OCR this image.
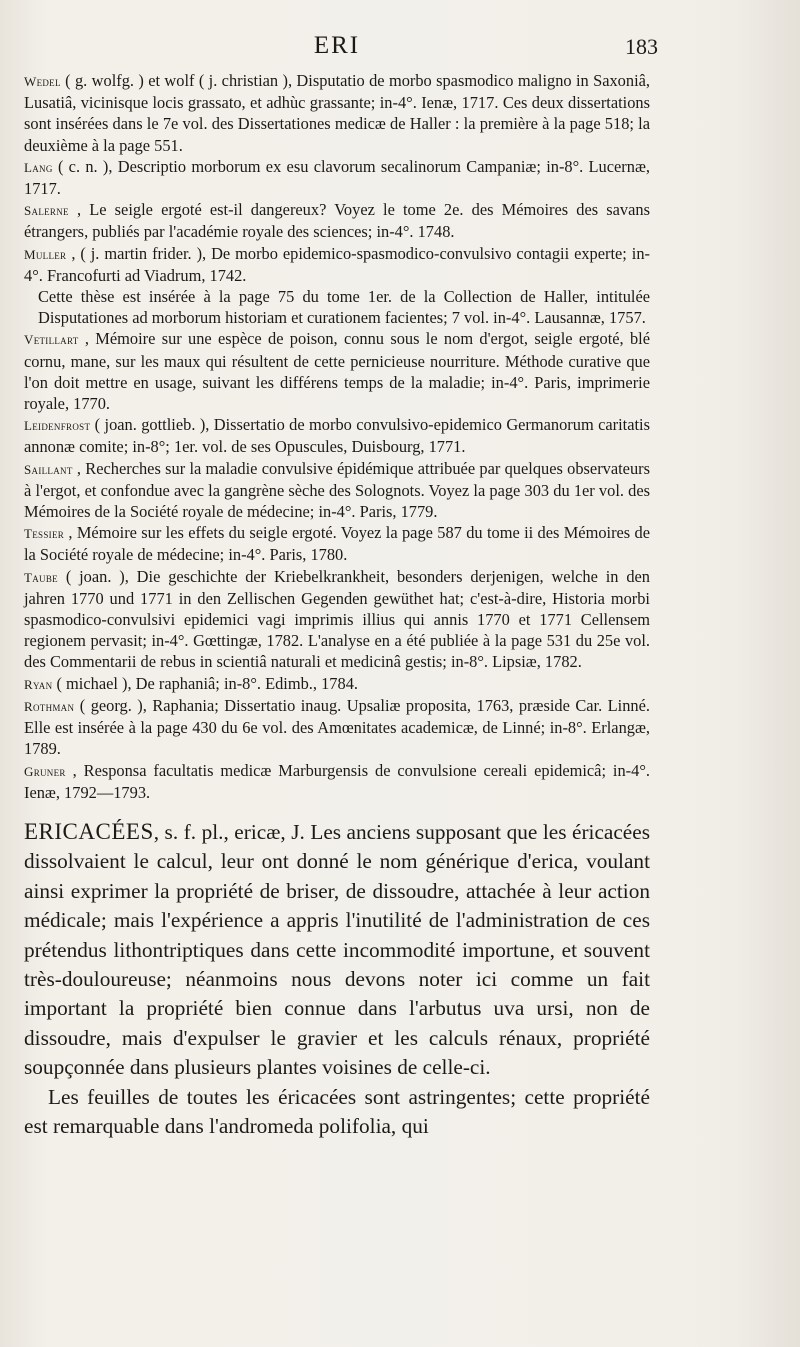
ERI	183
Wedel ( g. wolfg. ) et wolf ( j. christian ), Disputatio de morbo spasmodico maligno in Saxoniâ, Lusatiâ, vicinisque locis grassato, et adhùc grassante; in-4°. Ienæ, 1717. Ces deux dissertations sont insérées dans le 7e vol. des Dissertationes medicæ de Haller : la première à la page 518; la deuxième à la page 551.
Lang ( c. n. ), Descriptio morborum ex esu clavorum secalinorum Campaniæ; in-8°. Lucernæ, 1717.
Salerne , Le seigle ergoté est-il dangereux? Voyez le tome 2e. des Mémoires des savans étrangers, publiés par l'académie royale des sciences; in-4°. 1748.
Muller , ( j. martin frider. ), De morbo epidemico-spasmodico-convulsivo contagii experte; in-4°. Francofurti ad Viadrum, 1742.
Cette thèse est insérée à la page 75 du tome 1er. de la Collection de Haller, intitulée Disputationes ad morborum historiam et curationem facientes; 7 vol. in-4°. Lausannæ, 1757.
Vetillart , Mémoire sur une espèce de poison, connu sous le nom d'ergot, seigle ergoté, blé cornu, mane, sur les maux qui résultent de cette pernicieuse nourriture. Méthode curative que l'on doit mettre en usage, suivant les différens temps de la maladie; in-4°. Paris, imprimerie royale, 1770.
Leidenfrost ( joan. gottlieb. ), Dissertatio de morbo convulsivo-epidemico Germanorum caritatis annonæ comite; in-8°; 1er. vol. de ses Opuscules, Duisbourg, 1771.
Saillant , Recherches sur la maladie convulsive épidémique attribuée par quelques observateurs à l'ergot, et confondue avec la gangrène sèche des Solognots. Voyez la page 303 du 1er vol. des Mémoires de la Société royale de médecine; in-4°. Paris, 1779.
Tessier , Mémoire sur les effets du seigle ergoté. Voyez la page 587 du tome ii des Mémoires de la Société royale de médecine; in-4°. Paris, 1780.
Taube ( joan. ), Die geschichte der Kriebelkrankheit, besonders derjenigen, welche in den jahren 1770 und 1771 in den Zellischen Gegenden gewüthet hat; c'est-à-dire, Historia morbi spasmodico-convulsivi epidemici vagi imprimis illius qui annis 1770 et 1771 Cellensem regionem pervasit; in-4°. Gœttingæ, 1782. L'analyse en a été publiée à la page 531 du 25e vol. des Commentarii de rebus in scientiâ naturali et medicinâ gestis; in-8°. Lipsiæ, 1782.
Ryan ( michael ), De raphaniâ; in-8°. Edimb., 1784.
Rothman ( georg. ), Raphania; Dissertatio inaug. Upsaliæ proposita, 1763, præside Car. Linné. Elle est insérée à la page 430 du 6e vol. des Amœnitates academicæ, de Linné; in-8°. Erlangæ, 1789.
Gruner , Responsa facultatis medicæ Marburgensis de convulsione cereali epidemicâ; in-4°. Ienæ, 1792—1793.

ERICACÉES, s. f. pl., ericæ, J. Les anciens supposant que les éricacées dissolvaient le calcul, leur ont donné le nom générique d'erica, voulant ainsi exprimer la propriété de briser, de dissoudre, attachée à leur action médicale; mais l'expérience a appris l'inutilité de l'administration de ces prétendus lithontriptiques dans cette incommodité importune, et souvent très-douloureuse; néanmoins nous devons noter ici comme un fait important la propriété bien connue dans l'arbutus uva ursi, non de dissoudre, mais d'expulser le gravier et les calculs rénaux, propriété soupçonnée dans plusieurs plantes voisines de celle-ci.

Les feuilles de toutes les éricacées sont astringentes; cette propriété est remarquable dans l'andromeda polifolia, qui
